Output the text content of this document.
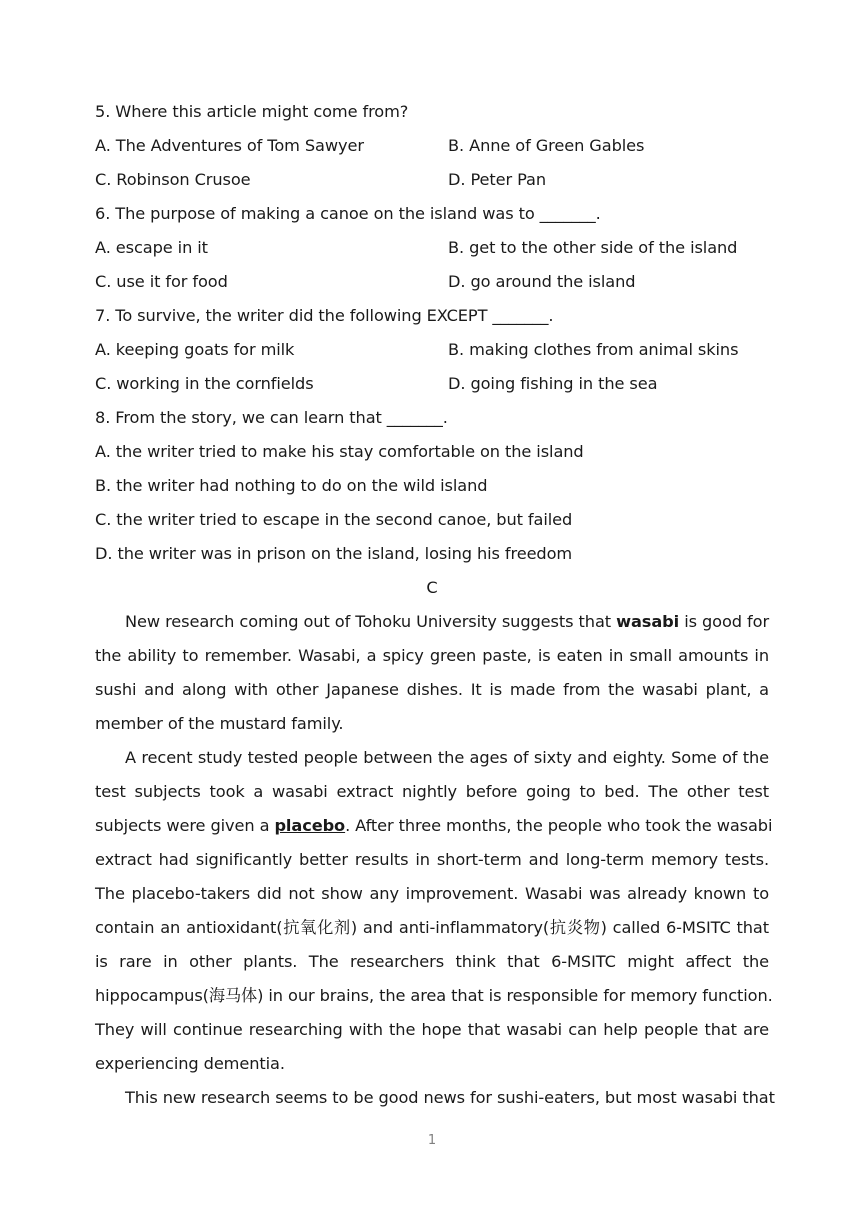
5. Where this article might come from?
A. The Adventures of Tom Sawyer	B. Anne of Green Gables
C. Robinson Crusoe	D. Peter Pan
6. The purpose of making a canoe on the island was to _______.
A. escape in it	B. get to the other side of the island
C. use it for food	D. go around the island
7. To survive, the writer did the following EXCEPT _______.
A. keeping goats for milk	B. making clothes from animal skins
C. working in the cornfields	D. going fishing in the sea
8. From the story, we can learn that _______.
A. the writer tried to make his stay comfortable on the island
B. the writer had nothing to do on the wild island
C. the writer tried to escape in the second canoe, but failed
D. the writer was in prison on the island, losing his freedom
C
New research coming out of Tohoku University suggests that wasabi is good for
the ability to remember. Wasabi, a spicy green paste, is eaten in small amounts in
sushi and along with other Japanese dishes. It is made from the wasabi plant, a
member of the mustard family.
A recent study tested people between the ages of sixty and eighty. Some of the
test subjects took a wasabi extract nightly before going to bed. The other test
subjects were given a placebo. After three months, the people who took the wasabi
extract had significantly better results in short-term and long-term memory tests.
The placebo-takers did not show any improvement. Wasabi was already known to
contain an antioxidant(抗氧化剂) and anti-inflammatory(抗炎物) called 6-MSITC that
is rare in other plants. The researchers think that 6-MSITC might affect the
hippocampus(海马体) in our brains, the area that is responsible for memory function.
They will continue researching with the hope that wasabi can help people that are
experiencing dementia.
This new research seems to be good news for sushi-eaters, but most wasabi that
1
